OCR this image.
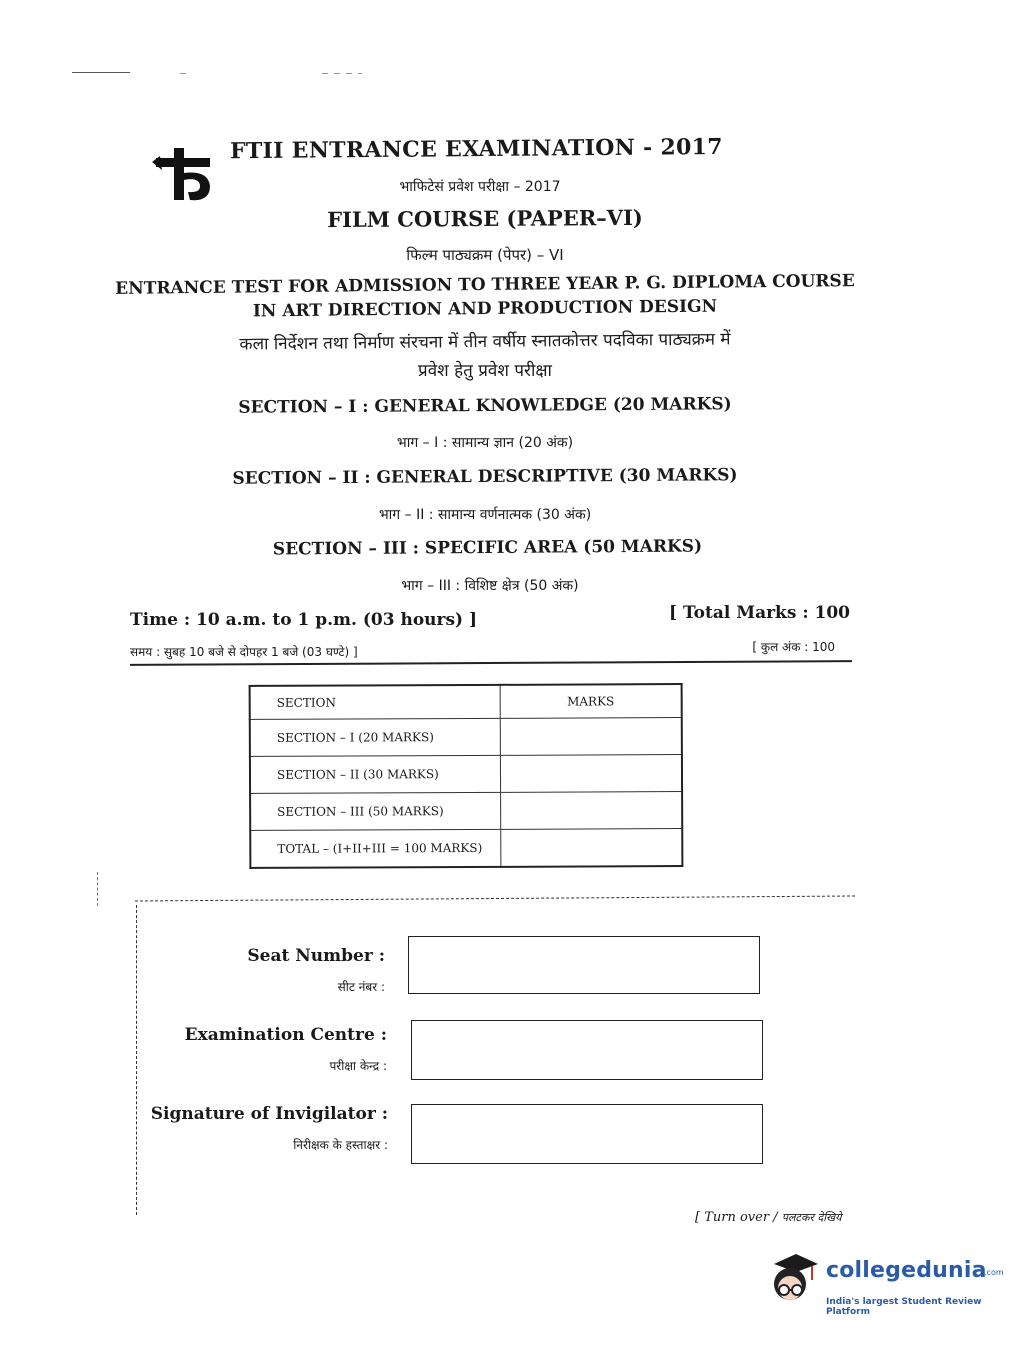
FTII ENTRANCE EXAMINATION - 2017
भाफिटेसं प्रवेश परीक्षा – 2017
FILM COURSE (PAPER–VI)
फिल्म पाठ्यक्रम (पेपर) – VI
ENTRANCE TEST FOR ADMISSION TO THREE YEAR P. G. DIPLOMA COURSE
IN ART DIRECTION AND PRODUCTION DESIGN
कला निर्देशन तथा निर्माण संरचना में तीन वर्षीय स्नातकोत्तर पदविका पाठ्यक्रम में
प्रवेश हेतु प्रवेश परीक्षा
SECTION – I : GENERAL KNOWLEDGE (20 MARKS)
भाग – I : सामान्य ज्ञान (20 अंक)
SECTION – II : GENERAL DESCRIPTIVE (30 MARKS)
भाग – II : सामान्य वर्णनात्मक (30 अंक)
SECTION – III : SPECIFIC AREA (50 MARKS)
भाग – III : विशिष्ट क्षेत्र (50 अंक)
Time : 10 a.m. to 1 p.m. (03 hours) ]	[ Total Marks : 100
समय : सुबह 10 बजे से दोपहर 1 बजे (03 घण्टे) ]	[ कुल अंक : 100
SECTION	MARKS
SECTION – I (20 MARKS)	
SECTION – II (30 MARKS)	
SECTION – III (50 MARKS)	
TOTAL – (I+II+III = 100 MARKS)	
Seat Number :
सीट नंबर :
Examination Centre :
परीक्षा केन्द्र :
Signature of Invigilator :
निरीक्षक के हस्ताक्षर :
[ Turn over / पलटकर देखिये
collegedunia
.com
India's largest Student Review Platform
